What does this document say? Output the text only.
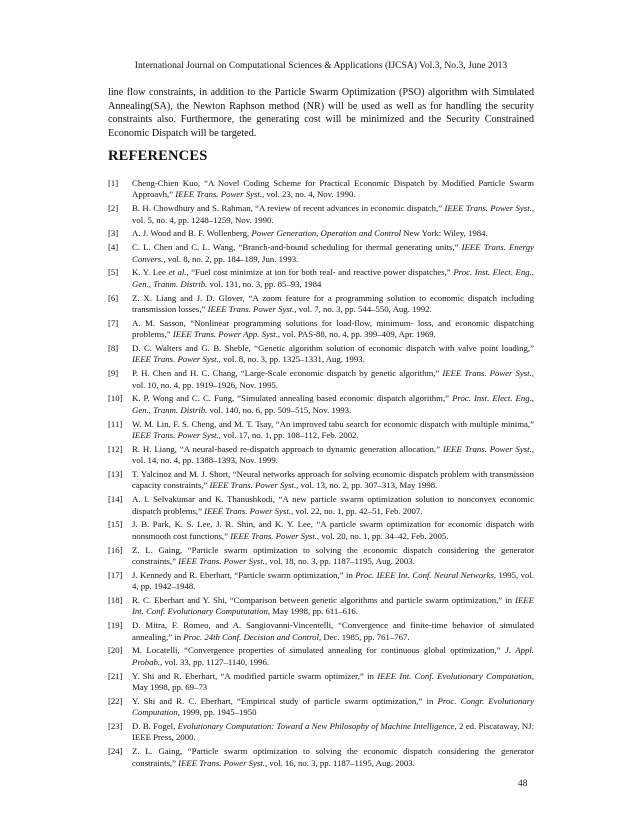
International Journal on Computational Sciences & Applications (IJCSA) Vol.3, No.3, June 2013

line flow constraints, in addition to the Particle Swarm Optimization (PSO) algorithm with Simulated Annealing(SA), the Newton Raphson method (NR) will be used as well as for handling the security constraints also. Furthermore, the generating cost will be minimized and the Security Constrained Economic Dispatch will be targeted.

REFERENCES
[1] Cheng-Chien Kuo, “A Novel Coding Scheme for Practical Economic Dispatch by Modified Particle Swarm Approavh,” IEEE Trans. Power Syst., vol. 23, no. 4, Nov. 1990.
[2] B. H. Chowdhury and S. Rahman, “A review of recent advances in economic dispatch,” IEEE Trans. Power Syst., vol. 5, no. 4, pp. 1248–1259, Nov. 1990.
[3] A. J. Wood and B. F. Wollenberg, Power Generation, Operation and Control New York: Wiley, 1984.
[4] C. L. Chen and C. L. Wang, “Branch-and-bound scheduling for thermal generating units,” IEEE Trans. Energy Convers., vol. 8, no. 2, pp. 184–189, Jun. 1993.
[5] K. Y. Lee et al., “Fuel cost minimize at ion for both real- and reactive power dispatches,” Proc. Inst. Elect. Eng., Gen., Tranm. Distrib. vol. 131, no. 3, pp. 85–93, 1984
[6] Z. X. Liang and J. D. Glover, “A zoom feature for a programming solution to economic dispatch including transmission losses,” IEEE Trans. Power Syst., vol. 7, no. 3, pp. 544–550, Aug. 1992.
[7] A. M. Sasson, “Nonlinear programming solutions for load-flow, minimum- loss, and economic dispatching problems,” IEEE Trans. Power App. Syst., vol. PAS-88, no. 4, pp. 399–409, Apr. 1969.
[8] D. C. Walters and G. B. Sheble, “Genetic algorithm solution of economic dispatch with valve point loading,” IEEE Trans. Power Syst., vol. 8, no. 3, pp. 1325–1331, Aug. 1993.
[9] P. H. Chen and H. C. Chang, “Large-Scale economic dispatch by genetic algorithm,” IEEE Trans. Power Syst., vol. 10, no. 4, pp. 1919–1926, Nov. 1995.
[10] K. P. Wong and C. C. Fung, “Simulated annealing based economic dispatch algorithm,” Proc. Inst. Elect. Eng., Gen., Tranm. Distrib. vol. 140, no. 6, pp. 509–515, Nov. 1993.
[11] W. M. Lin, F. S. Cheng, and M. T. Tsay, “An improved tabu search for economic dispatch with multiple minima,” IEEE Trans. Power Syst., vol. 17, no. 1, pp. 108–112, Feb. 2002.
[12] R. H. Liang, “A neural-based re-dispatch approach to dynamic generation allocation,” IEEE Trans. Power Syst., vol. 14, no. 4, pp. 1388–1393, Nov. 1999.
[13] T. Yalcinoz and M. J. Short, “Neural networks approach for solving economic dispatch problem with transmission capacity constraints,” IEEE Trans. Power Syst., vol. 13, no. 2, pp. 307–313, May 1998.
[14] A. I. Selvakumar and K. Thanushkodi, “A new particle swarm optimization solution to nonconvex economic dispatch problems,” IEEE Trans. Power Syst., vol. 22, no. 1, pp. 42–51, Feb. 2007.
[15] J. B. Park, K. S. Lee, J. R. Shin, and K. Y. Lee, “A particle swarm optimization for economic dispatch with nonsmooth cost functions,” IEEE Trans. Power Syst., vol. 20, no. 1, pp. 34–42, Feb. 2005.
[16] Z. L. Gaing, “Particle swarm optimization to solving the economic dispatch considering the generator constraints,” IEEE Trans. Power Syst., vol. 18, no. 3, pp. 1187–1195, Aug. 2003.
[17] J. Kennedy and R. Eberhart, “Particle swarm optimization,” in Proc. IEEE Int. Conf. Neural Networks, 1995, vol. 4, pp. 1942–1948.
[18] R. C. Eberhart and Y. Shi, “Comparison between genetic algorithms and particle swarm optimization,” in IEEE Int. Conf. Evolutionary Compututation, May 1998, pp. 611–616.
[19] D. Mitra, F. Romeo, and A. Sangiovanni-Vincentelli, “Convergence and finite-time behavior of simulated annealing,” in Proc. 24th Conf. Decision and Control, Dec. 1985, pp. 761–767.
[20] M. Locatelli, “Convergence properties of simulated annealing for continuous global optimization,” J. Appl. Probab., vol. 33, pp. 1127–1140, 1996.
[21] Y. Shi and R. Eberhart, “A modified particle swarm optimizer,” in IEEE Int. Conf. Evolutionary Computation, May 1998, pp. 69–73
[22] Y. Shi and R. C. Eberhart, “Empirical study of particle swarm optimization,” in Proc. Congr. Evolutionary Computation, 1999, pp. 1945–1950
[23] D. B. Fogel, Evolutionary Computation: Toward a New Philosophy of Machine Intelligence, 2 ed. Piscataway, NJ: IEEE Press, 2000.
[24] Z. L. Gaing, “Particle swarm optimization to solving the economic dispatch considering the generator constraints,” IEEE Trans. Power Syst., vol. 16, no. 3, pp. 1187–1195, Aug. 2003.
48
